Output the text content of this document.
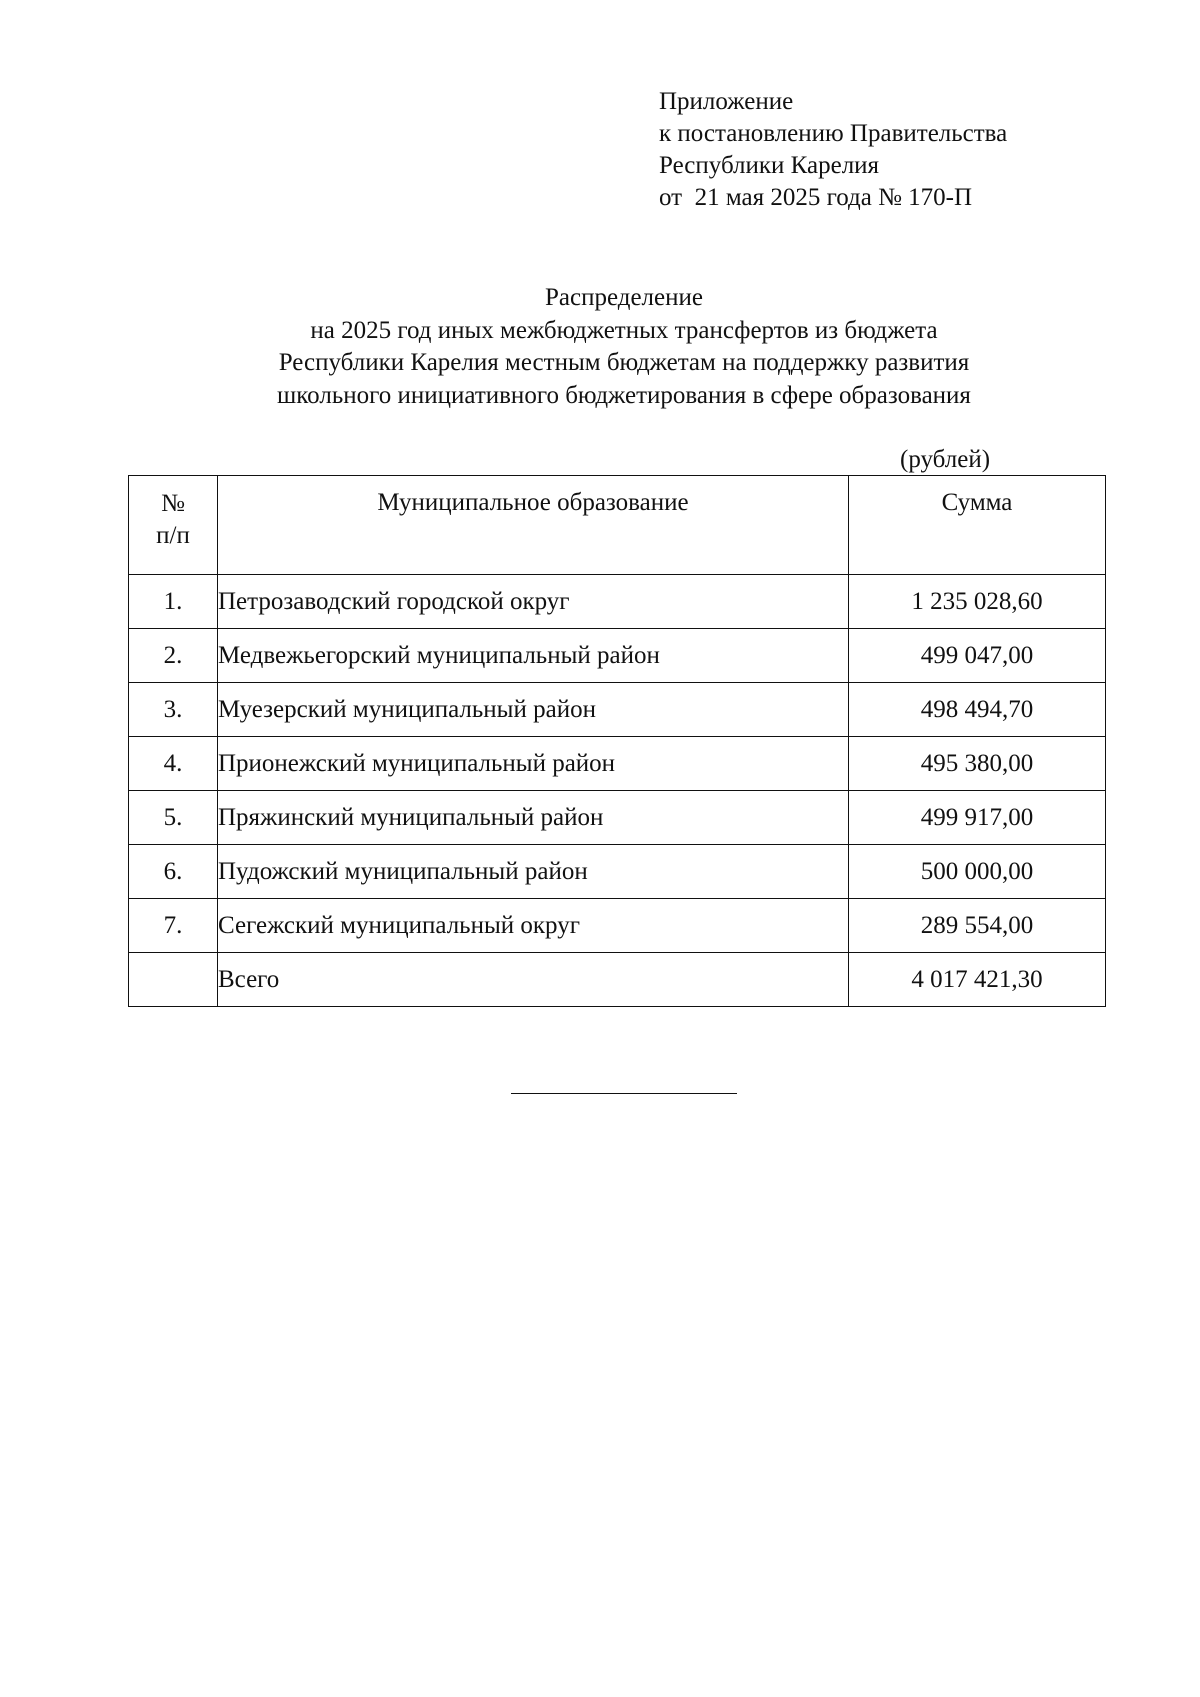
Приложение
к постановлению Правительства
Республики Карелия
от  21 мая 2025 года № 170-П
Распределение
на 2025 год иных межбюджетных трансфертов из бюджета
Республики Карелия местным бюджетам на поддержку развития
школьного инициативного бюджетирования в сфере образования
(рублей)
№
п/п	Муниципальное образование	Сумма
1.	Петрозаводский городской округ	1 235 028,60
2.	Медвежьегорский муниципальный район	499 047,00
3.	Муезерский муниципальный район	498 494,70
4.	Прионежский муниципальный район	495 380,00
5.	Пряжинский муниципальный район	499 917,00
6.	Пудожский муниципальный район	500 000,00
7.	Сегежский муниципальный округ	289 554,00
	Всего	4 017 421,30
